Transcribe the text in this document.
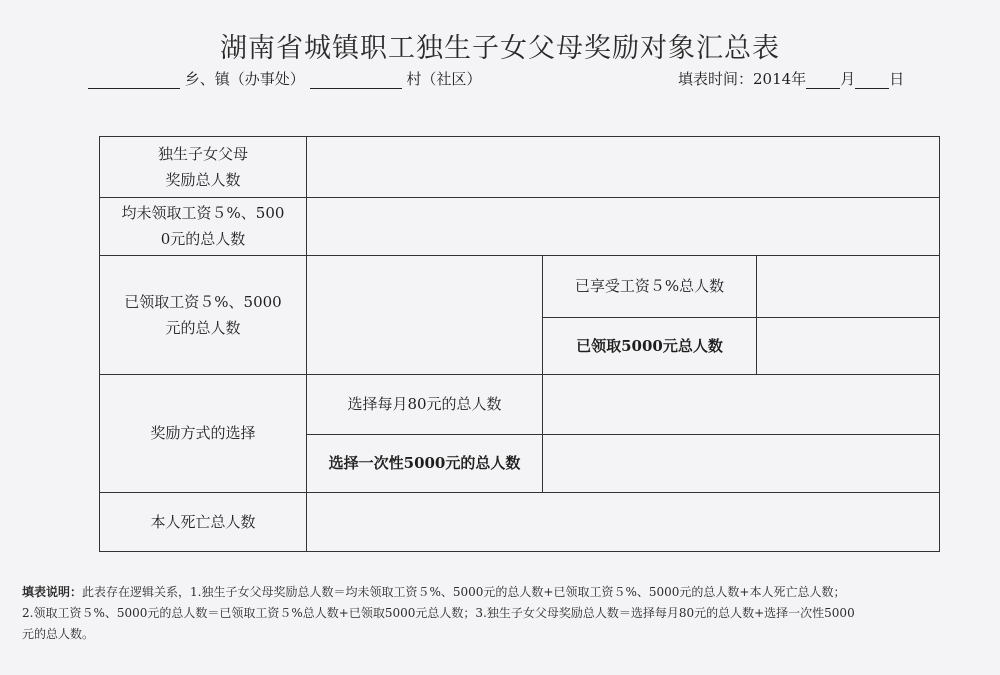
湖南省城镇职工独生子女父母奖励对象汇总表
乡、镇（办事处）	村（社区）	填表时间：2014年 月 日
独生子女父母
奖励总人数
均未领取工资５%、500
0元的总人数
已领取工资５%、5000
元的总人数
已享受工资５%总人数
已领取5000元总人数
奖励方式的选择
选择每月80元的总人数
选择一次性5000元的总人数
本人死亡总人数
填表说明：此表存在逻辑关系，1.独生子女父母奖励总人数＝均未领取工资５%、5000元的总人数+已领取工资５%、5000元的总人数+本人死亡总人数；
2.领取工资５%、5000元的总人数＝已领取工资５%总人数+已领取5000元总人数；3.独生子女父母奖励总人数＝选择每月80元的总人数+选择一次性5000
元的总人数。
